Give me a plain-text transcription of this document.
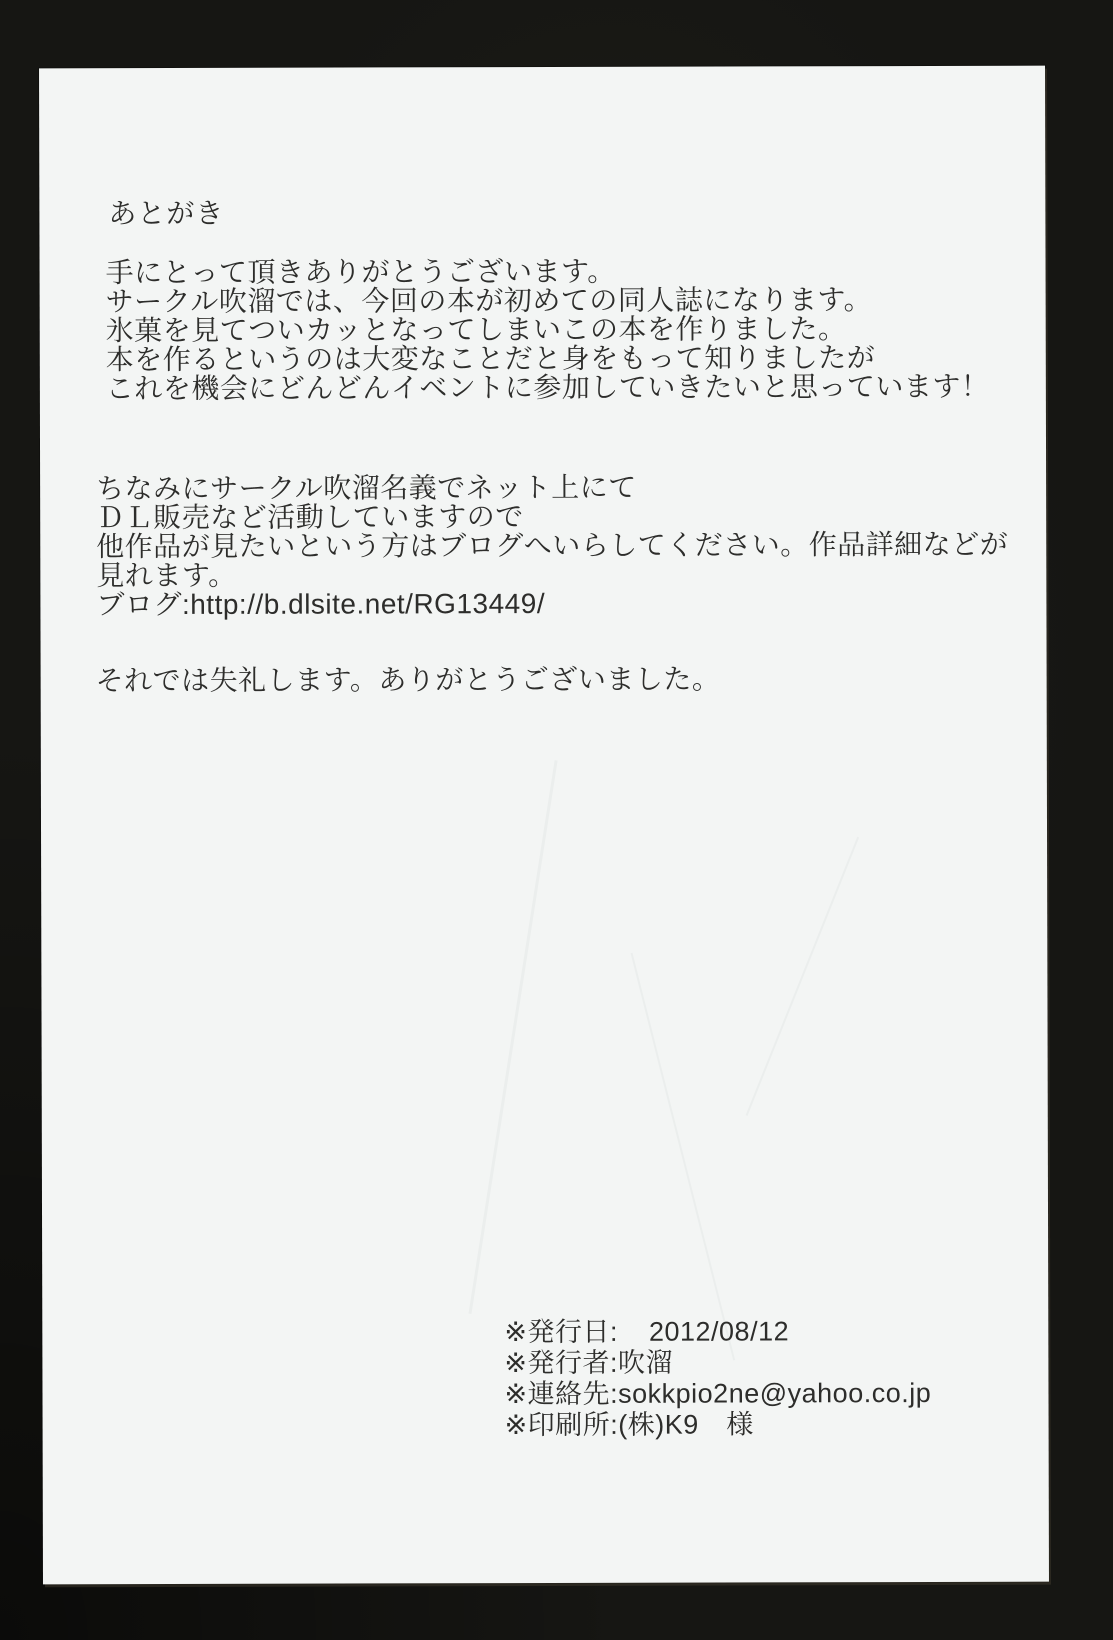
あとがき

手にとって頂きありがとうございます。

サークル吹溜では、今回の本が初めての同人誌になります。

氷菓を見てついカッとなってしまいこの本を作りました。

本を作るというのは大変なことだと身をもって知りましたが

これを機会にどんどんイベントに参加していきたいと思っています！

ちなみにサークル吹溜名義でネット上にて

ＤＬ販売など活動していますので

他作品が見たいという方はブログへいらしてください。作品詳細などが

見れます。

ブログ:http://b.dlsite.net/RG13449/

それでは失礼します。ありがとうございました。

※発行日: 2012/08/12

※発行者:吹溜

※連絡先:sokkpio2ne@yahoo.co.jp

※印刷所:(株)K9　様
